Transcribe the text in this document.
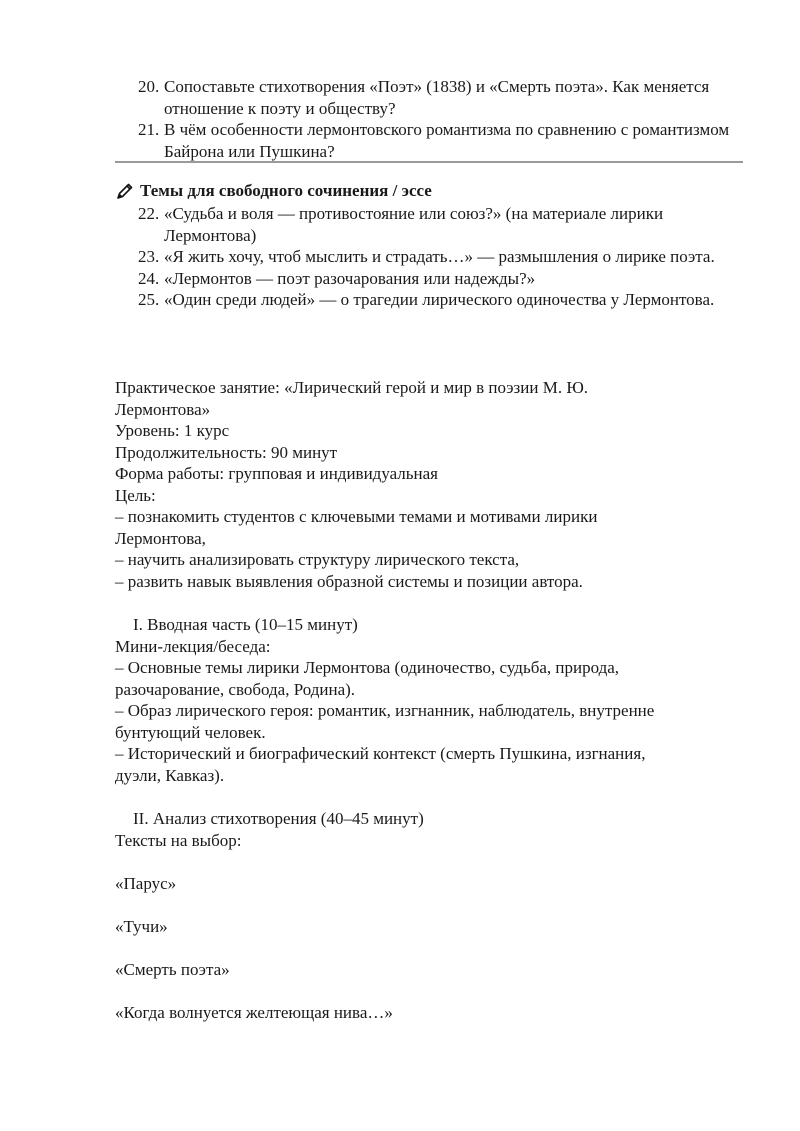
20. Сопоставьте стихотворения «Поэт» (1838) и «Смерть поэта». Как меняется отношение к поэту и обществу?
21. В чём особенности лермонтовского романтизма по сравнению с романтизмом Байрона или Пушкина?
Темы для свободного сочинения / эссе
22. «Судьба и воля — противостояние или союз?» (на материале лирики Лермонтова)
23. «Я жить хочу, чтоб мыслить и страдать…» — размышления о лирике поэта.
24. «Лермонтов — поэт разочарования или надежды?»
25. «Один среди людей» — о трагедии лирического одиночества у Лермонтова.
Практическое занятие: «Лирический герой и мир в поэзии М. Ю.
Лермонтова»
Уровень: 1 курс
Продолжительность: 90 минут
Форма работы: групповая и индивидуальная
Цель:
– познакомить студентов с ключевыми темами и мотивами лирики
Лермонтова,
– научить анализировать структуру лирического текста,
– развить навык выявления образной системы и позиции автора.
I. Вводная часть (10–15 минут)
Мини-лекция/беседа:
– Основные темы лирики Лермонтова (одиночество, судьба, природа,
разочарование, свобода, Родина).
– Образ лирического героя: романтик, изгнанник, наблюдатель, внутренне
бунтующий человек.
– Исторический и биографический контекст (смерть Пушкина, изгнания,
дуэли, Кавказ).
II. Анализ стихотворения (40–45 минут)
Тексты на выбор:
«Парус»
«Тучи»
«Смерть поэта»
«Когда волнуется желтеющая нива…»
